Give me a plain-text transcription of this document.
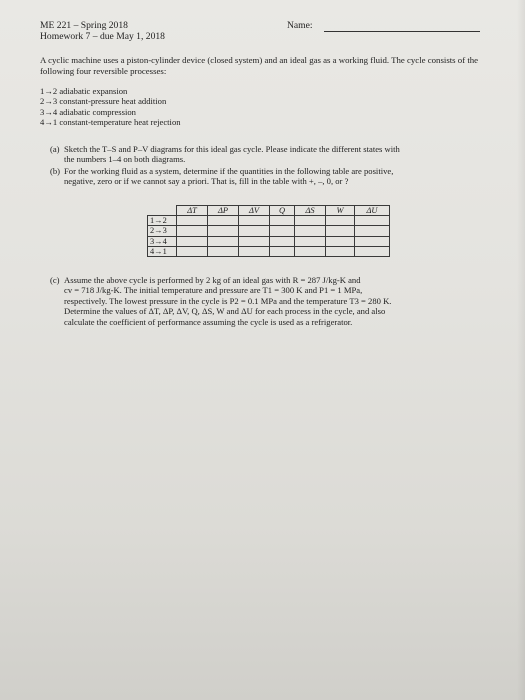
ME 221 – Spring 2018
Homework 7 – due May 1, 2018
Name:
A cyclic machine uses a piston-cylinder device (closed system) and an ideal gas as a working fluid. The cycle consists of the following four reversible processes:
1→2 adiabatic expansion
2→3 constant-pressure heat addition
3→4 adiabatic compression
4→1 constant-temperature heat rejection
(a) Sketch the T–S and P–V diagrams for this ideal gas cycle. Please indicate the different states with
the numbers 1–4 on both diagrams.
(b) For the working fluid as a system, determine if the quantities in the following table are positive,
negative, zero or if we cannot say a priori. That is, fill in the table with +, –, 0, or ?
	ΔT	ΔP	ΔV	Q	ΔS	W	ΔU
1→2							
2→3							
3→4							
4→1							
(c) Assume the above cycle is performed by 2 kg of an ideal gas with R = 287 J/kg-K and
cv = 718 J/kg-K. The initial temperature and pressure are T1 = 300 K and P1 = 1 MPa,
respectively. The lowest pressure in the cycle is P2 = 0.1 MPa and the temperature T3 = 280 K.
Determine the values of ΔT, ΔP, ΔV, Q, ΔS, W and ΔU for each process in the cycle, and also
calculate the coefficient of performance assuming the cycle is used as a refrigerator.
